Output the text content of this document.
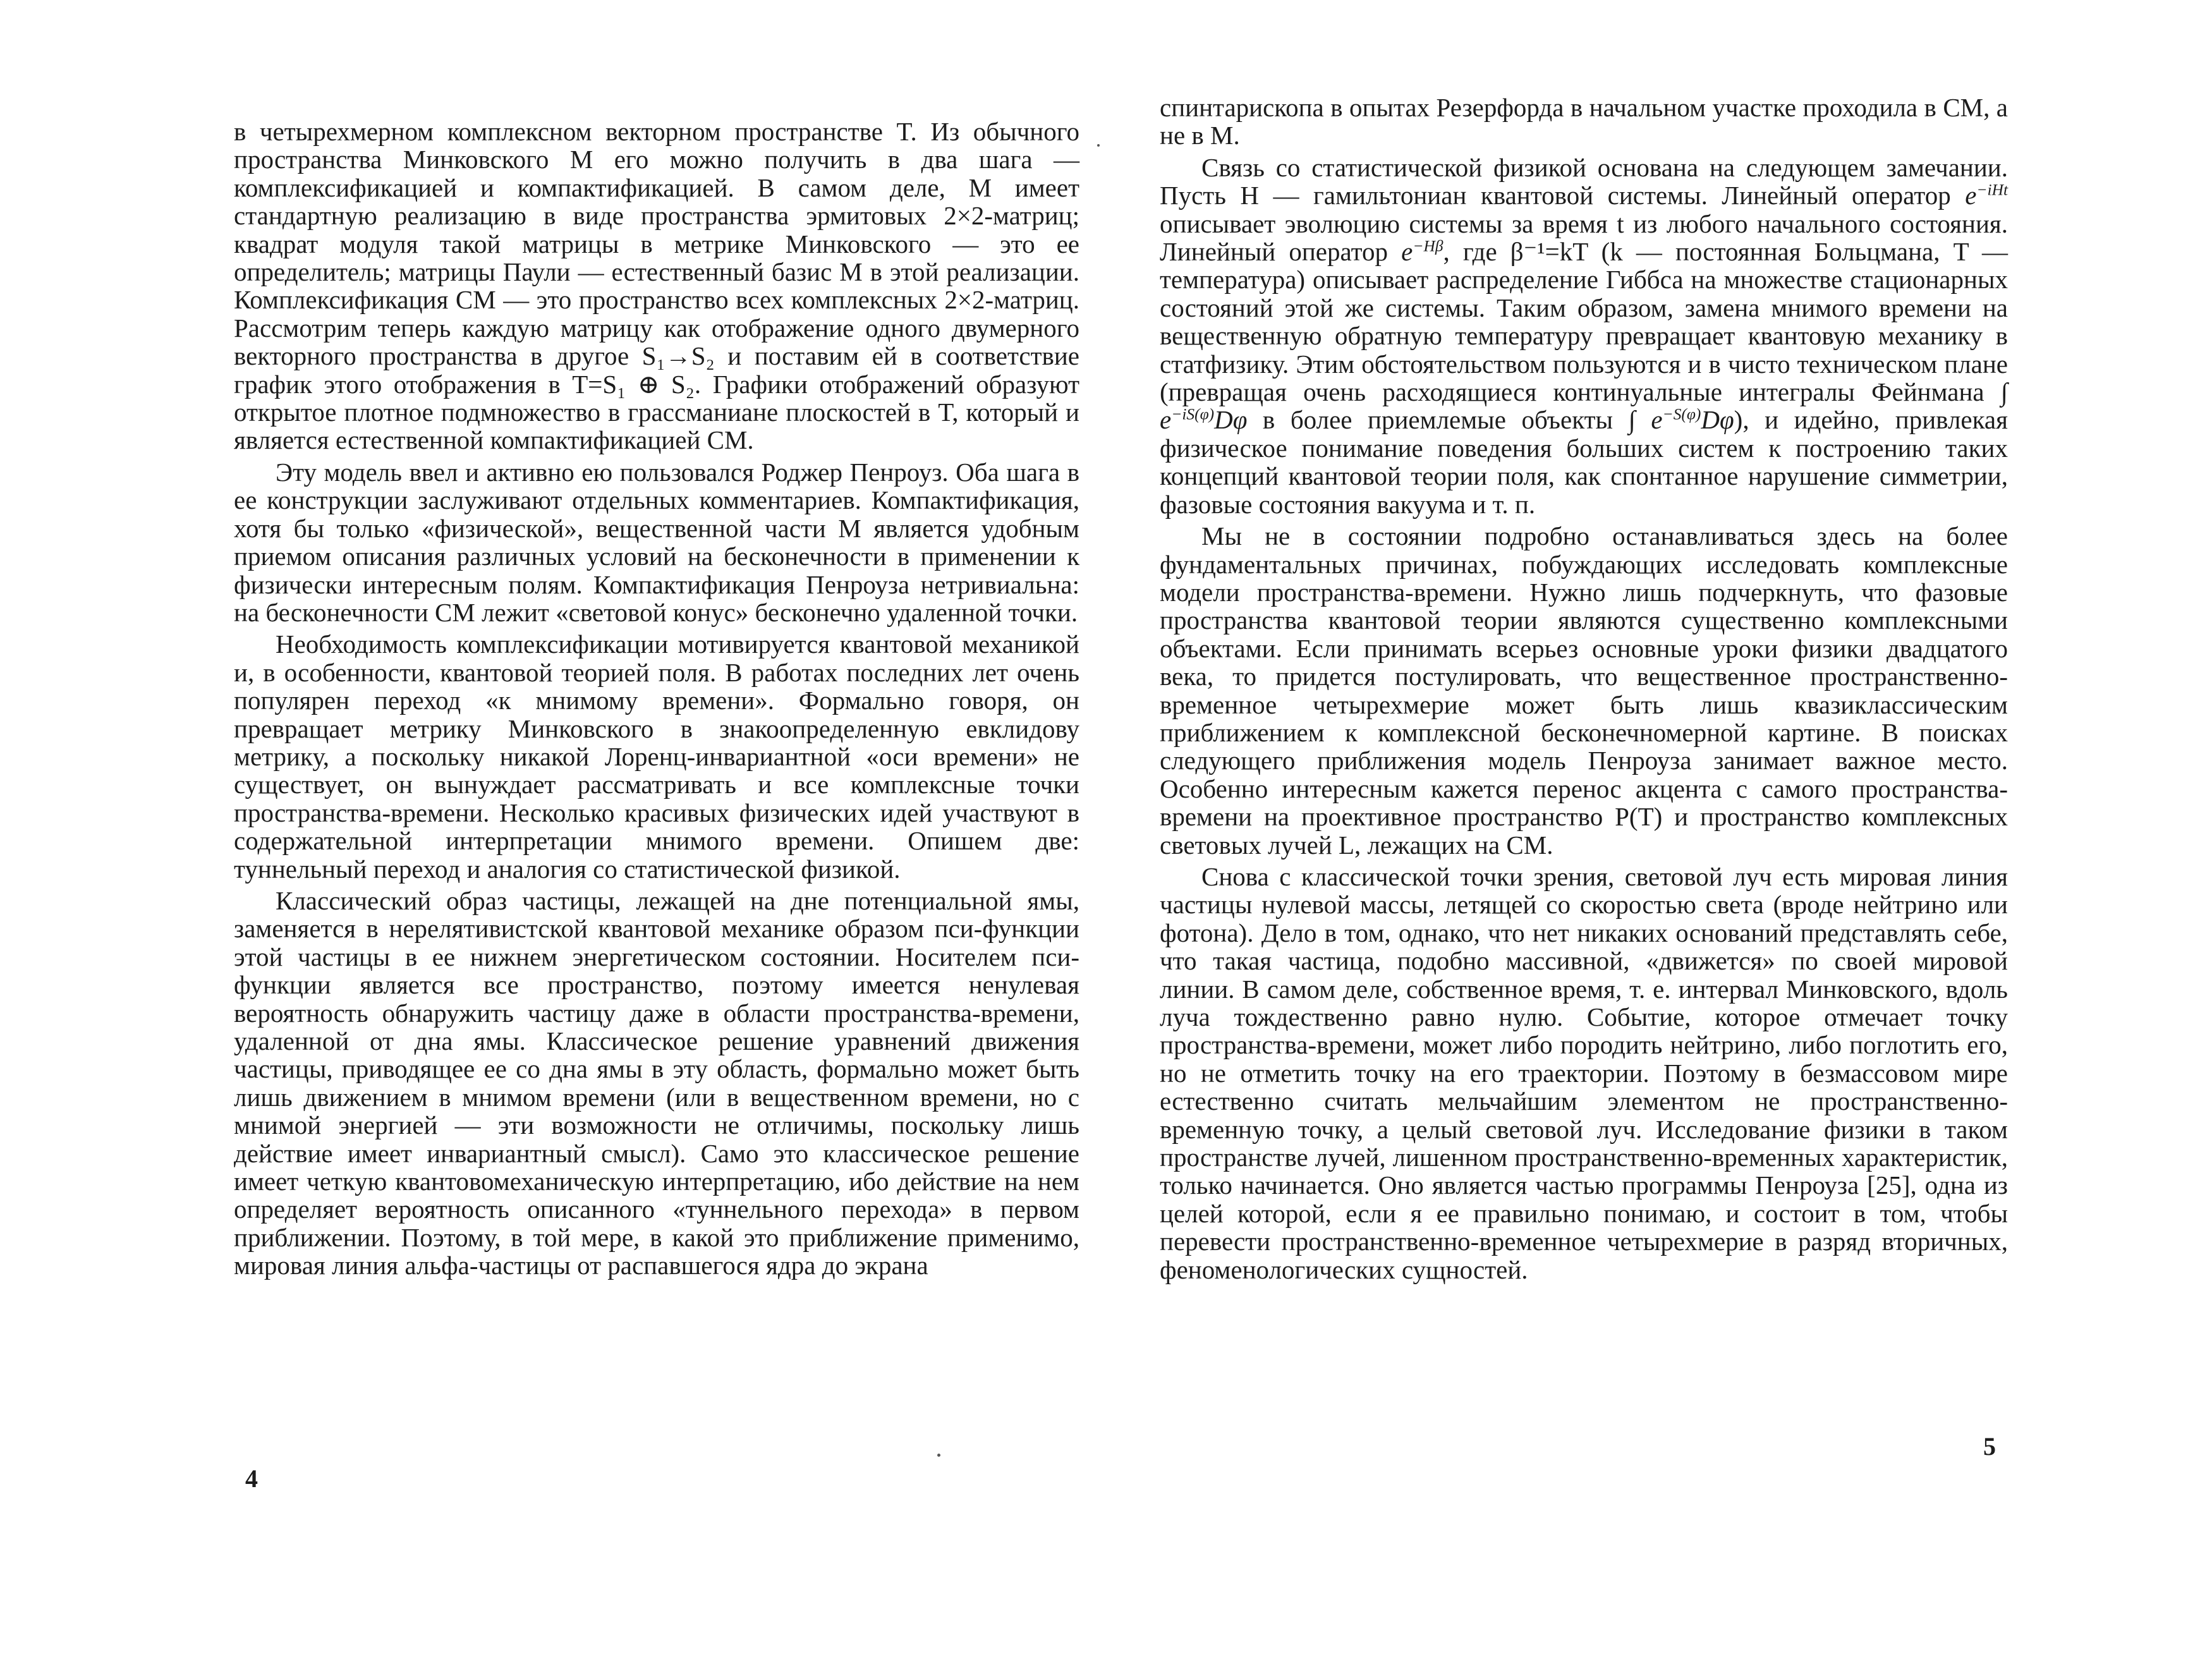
в четырехмерном комплексном векторном пространстве T. Из обычного пространства Минковского M его можно получить в два шага — комплексификацией и компактификацией. В самом деле, M имеет стандартную реализацию в виде пространства эрмитовых 2×2-матриц; квадрат модуля такой матрицы в метрике Минковского — это ее определитель; матрицы Паули — естественный базис M в этой реализации. Комплексификация CM — это пространство всех комплексных 2×2-матриц. Рассмотрим теперь каждую матрицу как отображение одного двумерного векторного пространства в другое S₁→S₂ и поставим ей в соответствие график этого отображения в T=S₁ ⊕ S₂. Графики отображений образуют открытое плотное подмножество в грассманиане плоскостей в T, который и является естественной компактификацией CM.

Эту модель ввел и активно ею пользовался Роджер Пенроуз. Оба шага в ее конструкции заслуживают отдельных комментариев. Компактификация, хотя бы только «физической», вещественной части M является удобным приемом описания различных условий на бесконечности в применении к физически интересным полям. Компактификация Пенроуза нетривиальна: на бесконечности CM лежит «световой конус» бесконечно удаленной точки.

Необходимость комплексификации мотивируется квантовой механикой и, в особенности, квантовой теорией поля. В работах последних лет очень популярен переход «к мнимому времени». Формально говоря, он превращает метрику Минковского в знакоопределенную евклидову метрику, а поскольку никакой Лоренц-инвариантной «оси времени» не существует, он вынуждает рассматривать и все комплексные точки пространства-времени. Несколько красивых физических идей участвуют в содержательной интерпретации мнимого времени. Опишем две: туннельный переход и аналогия со статистической физикой.

Классический образ частицы, лежащей на дне потенциальной ямы, заменяется в нерелятивистской квантовой механике образом пси-функции этой частицы в ее нижнем энергетическом состоянии. Носителем пси-функции является все пространство, поэтому имеется ненулевая вероятность обнаружить частицу даже в области пространства-времени, удаленной от дна ямы. Классическое решение уравнений движения частицы, приводящее ее со дна ямы в эту область, формально может быть лишь движением в мнимом времени (или в вещественном времени, но с мнимой энергией — эти возможности не отличимы, поскольку лишь действие имеет инвариантный смысл). Само это классическое решение имеет четкую квантовомеханическую интерпретацию, ибо действие на нем определяет вероятность описанного «туннельного перехода» в первом приближении. Поэтому, в той мере, в какой это приближение применимо, мировая линия альфа-частицы от распавшегося ядра до экрана

4

спинтарископа в опытах Резерфорда в начальном участке проходила в CM, а не в M.

Связь со статистической физикой основана на следующем замечании. Пусть H — гамильтониан квантовой системы. Линейный оператор $e^{-iHt}$ описывает эволюцию системы за время t из любого начального состояния. Линейный оператор $e^{-H\beta}$, где β⁻¹=kT (k — постоянная Больцмана, T — температура) описывает распределение Гиббса на множестве стационарных состояний этой же системы. Таким образом, замена мнимого времени на вещественную обратную температуру превращает квантовую механику в статфизику. Этим обстоятельством пользуются и в чисто техническом плане (превращая очень расходящиеся континуальные интегралы Фейнмана ∫ $e^{-iS(\varphi)}D\varphi$ в более приемлемые объекты ∫ $e^{-S(\varphi)}D\varphi$), и идейно, привлекая физическое понимание поведения больших систем к построению таких концепций квантовой теории поля, как спонтанное нарушение симметрии, фазовые состояния вакуума и т. п.

Мы не в состоянии подробно останавливаться здесь на более фундаментальных причинах, побуждающих исследовать комплексные модели пространства-времени. Нужно лишь подчеркнуть, что фазовые пространства квантовой теории являются существенно комплексными объектами. Если принимать всерьез основные уроки физики двадцатого века, то придется постулировать, что вещественное пространственно-временное четырехмерие может быть лишь квазиклассическим приближением к комплексной бесконечномерной картине. В поисках следующего приближения модель Пенроуза занимает важное место. Особенно интересным кажется перенос акцента с самого пространства-времени на проективное пространство P(T) и пространство комплексных световых лучей L, лежащих на CM.

Снова с классической точки зрения, световой луч есть мировая линия частицы нулевой массы, летящей со скоростью света (вроде нейтрино или фотона). Дело в том, однако, что нет никаких оснований представлять себе, что такая частица, подобно массивной, «движется» по своей мировой линии. В самом деле, собственное время, т. е. интервал Минковского, вдоль луча тождественно равно нулю. Событие, которое отмечает точку пространства-времени, может либо породить нейтрино, либо поглотить его, но не отметить точку на его траектории. Поэтому в безмассовом мире естественно считать мельчайшим элементом не пространственно-временную точку, а целый световой луч. Исследование физики в таком пространстве лучей, лишенном пространственно-временных характеристик, только начинается. Оно является частью программы Пенроуза [25], одна из целей которой, если я ее правильно понимаю, и состоит в том, чтобы перевести пространственно-временное четырехмерие в разряд вторичных, феноменологических сущностей.

5
